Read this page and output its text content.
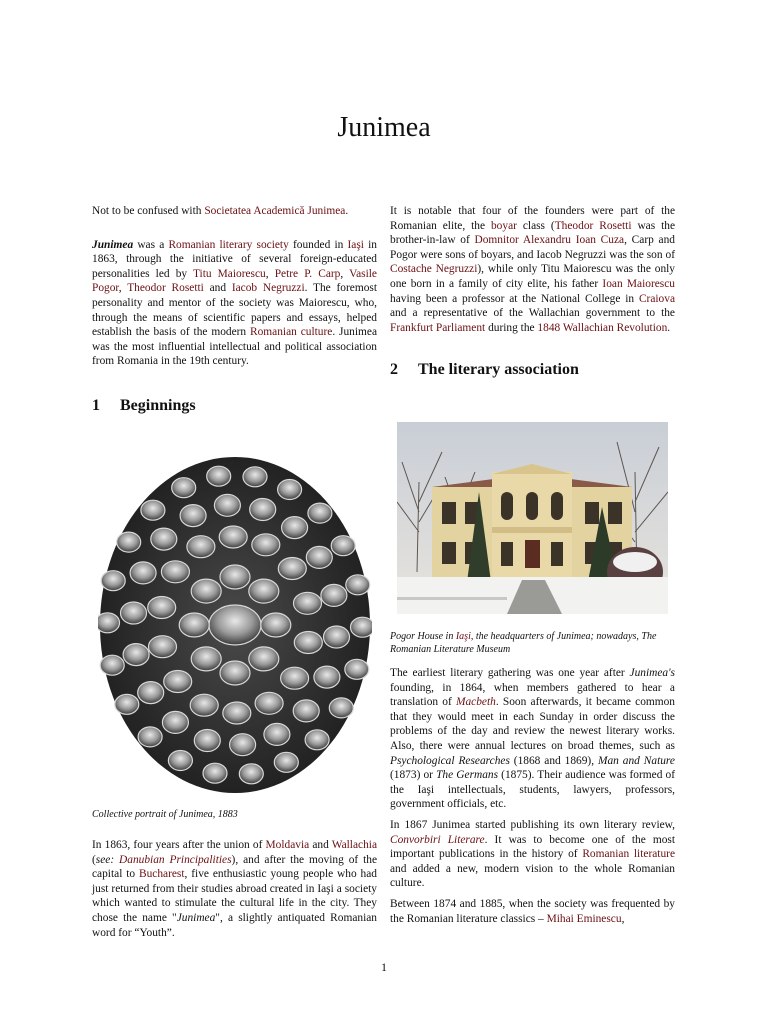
Junimea

Not to be confused with Societatea Academică Junimea.

Junimea was a Romanian literary society founded in Iaşi in 1863, through the initiative of several foreign-educated personalities led by Titu Maiorescu, Petre P. Carp, Vasile Pogor, Theodor Rosetti and Iacob Negruzzi. The foremost personality and mentor of the society was Maiorescu, who, through the means of scientific papers and essays, helped establish the basis of the modern Romanian culture. Junimea was the most influential intellectual and political association from Romania in the 19th century.

1 Beginnings
Collective portrait of Junimea, 1883

In 1863, four years after the union of Moldavia and Wallachia (see: Danubian Principalities), and after the moving of the capital to Bucharest, five enthusiastic young people who had just returned from their studies abroad created in Iaşi a society which wanted to stimulate the cultural life in the city. They chose the name "Junimea", a slightly antiquated Romanian word for “Youth”.

It is notable that four of the founders were part of the Romanian elite, the boyar class (Theodor Rosetti was the brother-in-law of Domnitor Alexandru Ioan Cuza, Carp and Pogor were sons of boyars, and Iacob Negruzzi was the son of Costache Negruzzi), while only Titu Maiorescu was the only one born in a family of city elite, his father Ioan Maiorescu having been a professor at the National College in Craiova and a representative of the Wallachian government to the Frankfurt Parliament during the 1848 Wallachian Revolution.

2 The literary association
Pogor House in Iaşi, the headquarters of Junimea; nowadays, The Romanian Literature Museum

The earliest literary gathering was one year after Junimea's founding, in 1864, when members gathered to hear a translation of Macbeth. Soon afterwards, it became common that they would meet in each Sunday in order discuss the problems of the day and review the newest literary works. Also, there were annual lectures on broad themes, such as Psychological Researches (1868 and 1869), Man and Nature (1873) or The Germans (1875). Their audience was formed of the Iaşi intellectuals, students, lawyers, professors, government officials, etc.

In 1867 Junimea started publishing its own literary review, Convorbiri Literare. It was to become one of the most important publications in the history of Romanian literature and added a new, modern vision to the whole Romanian culture.

Between 1874 and 1885, when the society was frequented by the Romanian literature classics – Mihai Eminescu,

1
